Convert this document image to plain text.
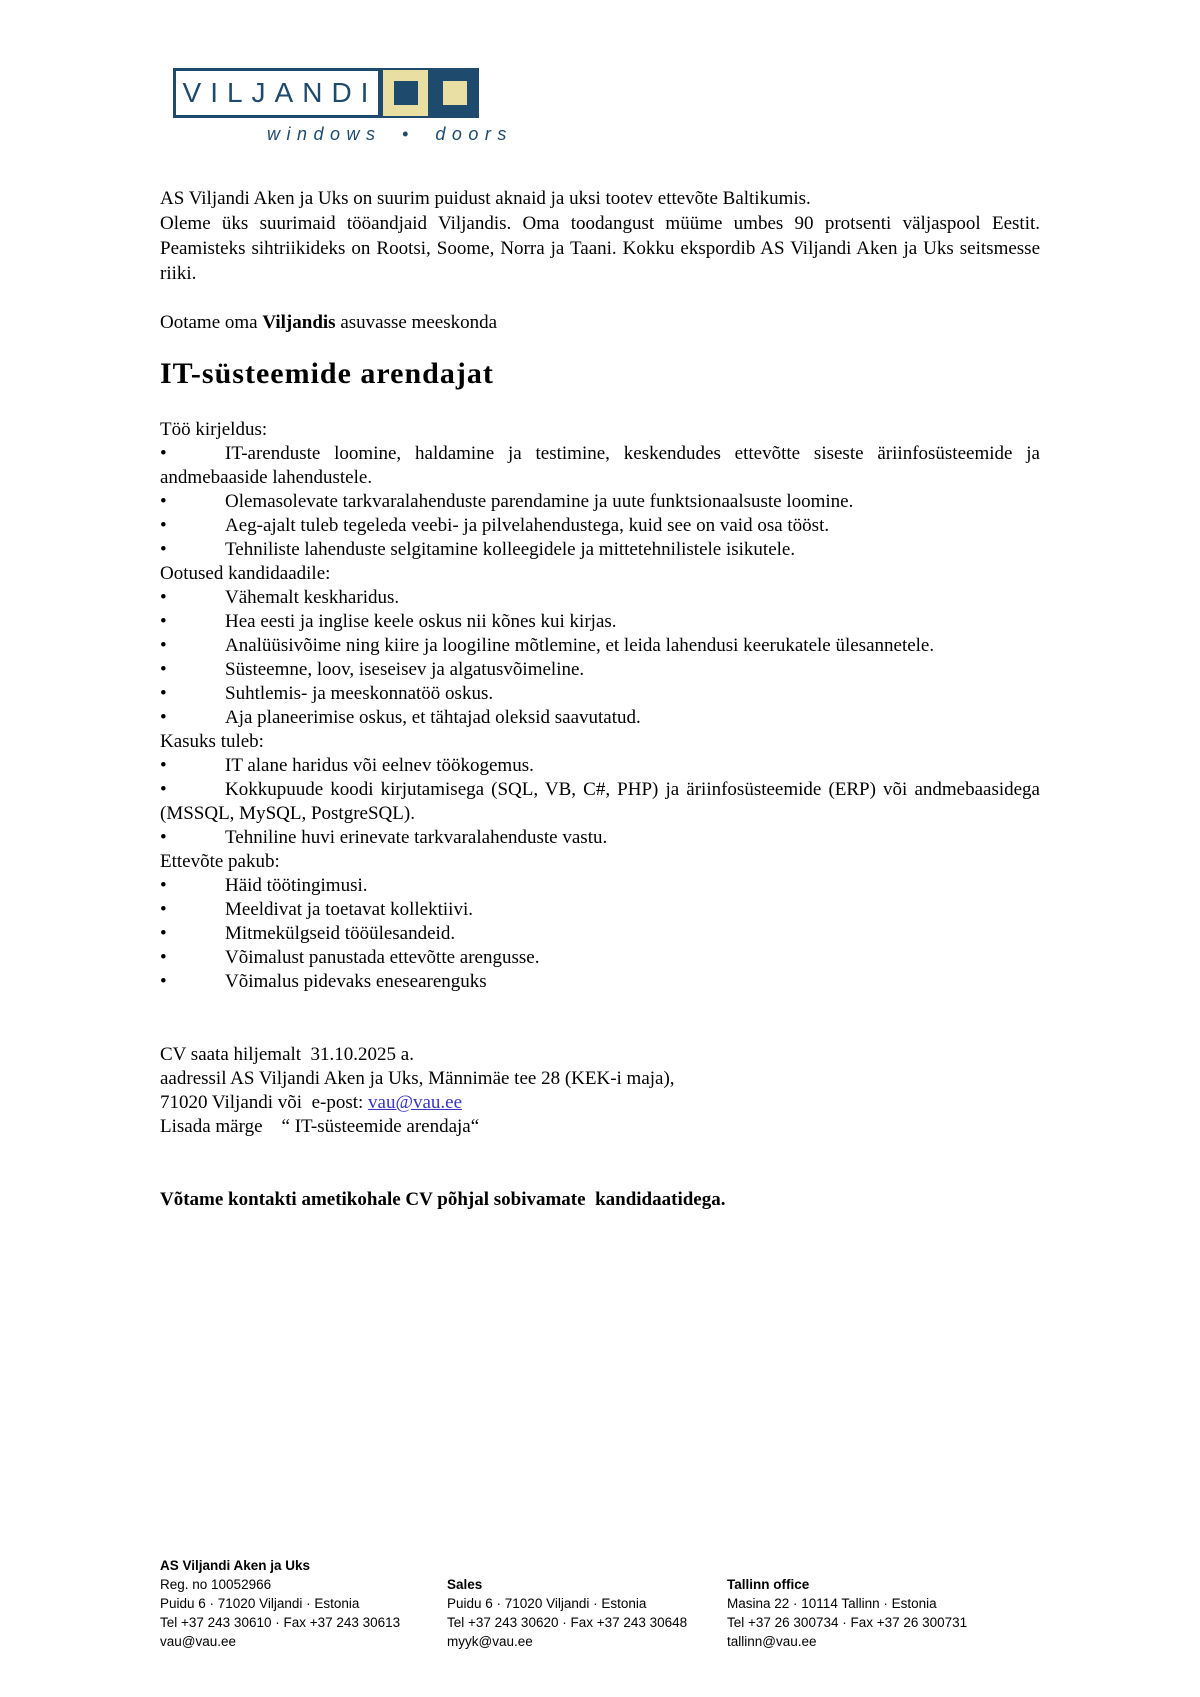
VILJANDI
windows • doors

AS Viljandi Aken ja Uks on suurim puidust aknaid ja uksi tootev ettevõte Baltikumis.

Oleme üks suurimaid tööandjaid Viljandis. Oma toodangust müüme umbes 90 protsenti väljaspool Eestit. Peamisteks sihtriikideks on Rootsi, Soome, Norra ja Taani. Kokku ekspordib AS Viljandi Aken ja Uks seitsmesse riiki.

Ootame oma Viljandis asuvasse meeskonda

IT-süsteemide arendajat

Töö kirjeldus:

•	IT-arenduste loomine, haldamine ja testimine, keskendudes ettevõtte siseste äriinfosüsteemide ja andmebaaside lahendustele.

•	Olemasolevate tarkvaralahenduste parendamine ja uute funktsionaalsuste loomine.

•	Aeg-ajalt tuleb tegeleda veebi- ja pilvelahendustega, kuid see on vaid osa tööst.

•	Tehniliste lahenduste selgitamine kolleegidele ja mittetehnilistele isikutele.

Ootused kandidaadile:

•	Vähemalt keskharidus.

•	Hea eesti ja inglise keele oskus nii kõnes kui kirjas.

•	Analüüsivõime ning kiire ja loogiline mõtlemine, et leida lahendusi keerukatele ülesannetele.

•	Süsteemne, loov, iseseisev ja algatusvõimeline.

•	Suhtlemis- ja meeskonnatöö oskus.

•	Aja planeerimise oskus, et tähtajad oleksid saavutatud.

Kasuks tuleb:

•	IT alane haridus või eelnev töökogemus.

•	Kokkupuude koodi kirjutamisega (SQL, VB, C#, PHP) ja äriinfosüsteemide (ERP) või andmebaasidega (MSSQL, MySQL, PostgreSQL).

•	Tehniline huvi erinevate tarkvaralahenduste vastu.

Ettevõte pakub:

•	Häid töötingimusi.

•	Meeldivat ja toetavat kollektiivi.

•	Mitmekülgseid tööülesandeid.

•	Võimalust panustada ettevõtte arengusse.

•	Võimalus pidevaks enesearenguks

CV saata hiljemalt  31.10.2025 a.

aadressil AS Viljandi Aken ja Uks, Männimäe tee 28 (KEK-i maja),

71020 Viljandi või  e-post: vau@vau.ee

Lisada märge    “ IT-süsteemide arendaja“

Võtame kontakti ametikohale CV põhjal sobivamate  kandidaatidega.

AS Viljandi Aken ja Uks

Reg. no 10052966

Puidu 6 · 71020 Viljandi · Estonia

Tel +37 243 30610 · Fax +37 243 30613

vau@vau.ee

Sales

Puidu 6 · 71020 Viljandi · Estonia

Tel +37 243 30620 · Fax +37 243 30648

myyk@vau.ee

Tallinn office

Masina 22 · 10114 Tallinn · Estonia

Tel +37 26 300734 · Fax +37 26 300731

tallinn@vau.ee
